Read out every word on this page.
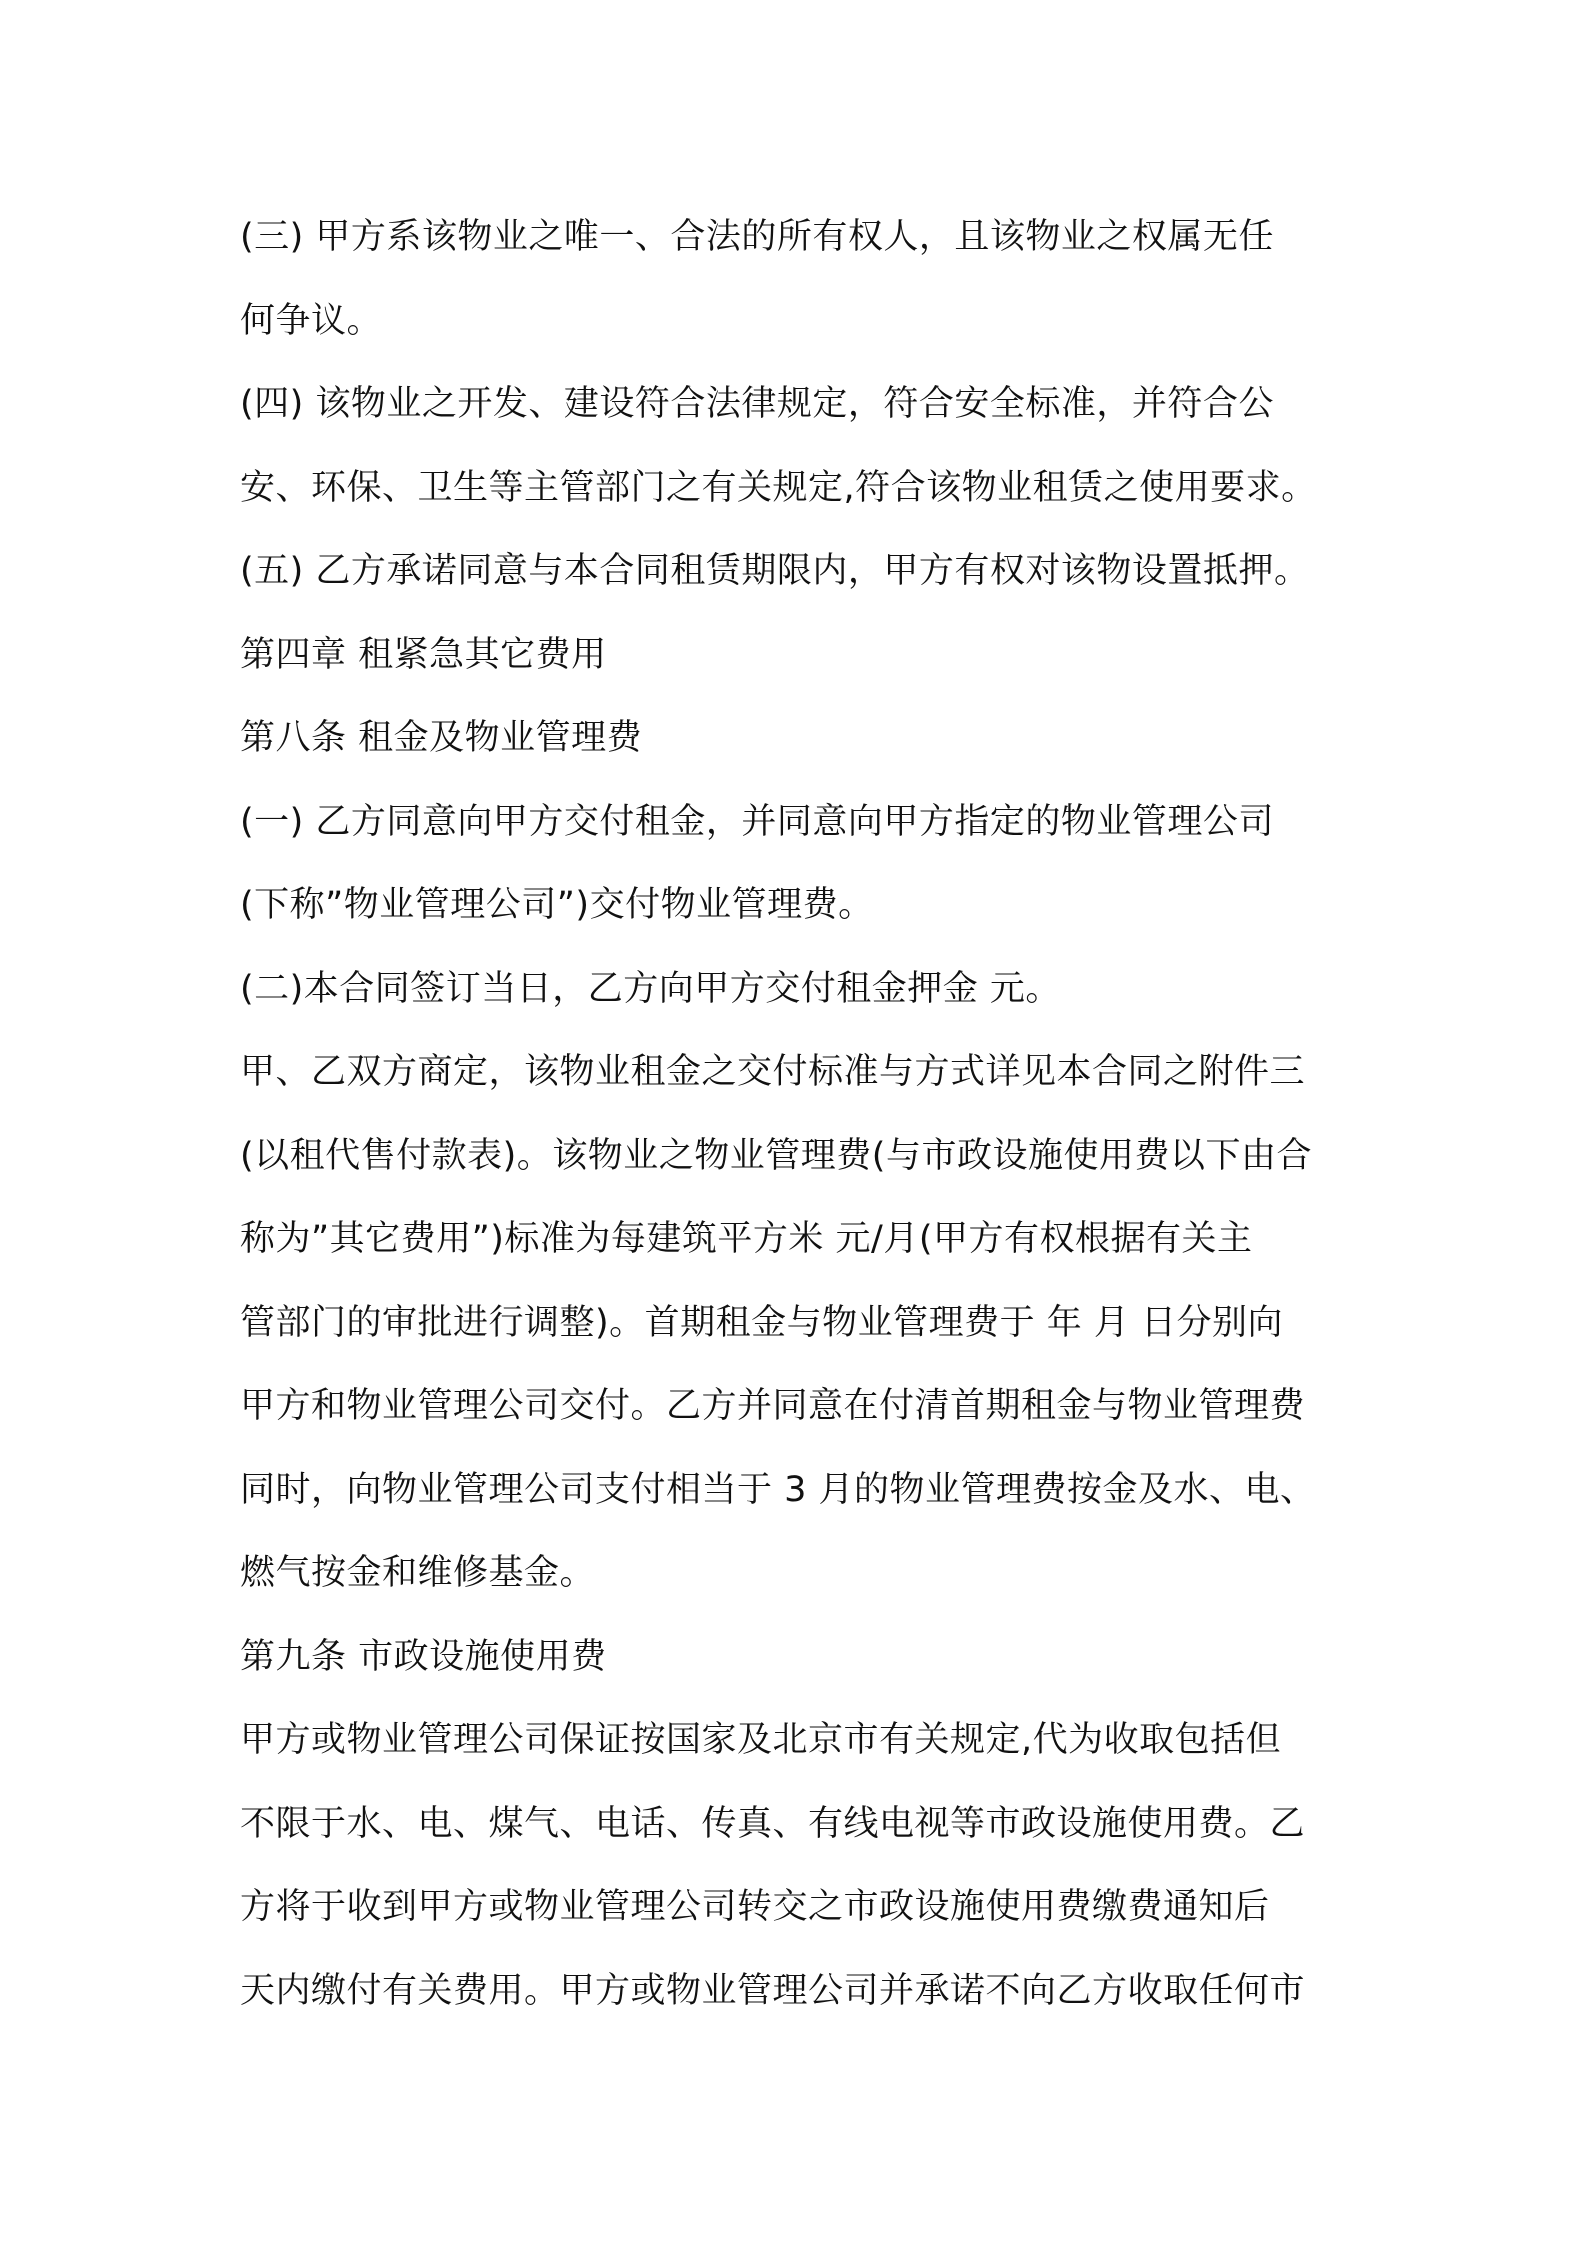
(三) 甲方系该物业之唯一、合法的所有权人，且该物业之权属无任
何争议。
(四) 该物业之开发、建设符合法律规定，符合安全标准，并符合公
安、环保、卫生等主管部门之有关规定,符合该物业租赁之使用要求。
(五) 乙方承诺同意与本合同租赁期限内，甲方有权对该物设置抵押。
第四章 租紧急其它费用
第八条 租金及物业管理费
(一) 乙方同意向甲方交付租金，并同意向甲方指定的物业管理公司
(下称”物业管理公司”)交付物业管理费。
(二)本合同签订当日，乙方向甲方交付租金押金 元。
甲、乙双方商定，该物业租金之交付标准与方式详见本合同之附件三
(以租代售付款表)。该物业之物业管理费(与市政设施使用费以下由合
称为”其它费用”)标准为每建筑平方米 元/月(甲方有权根据有关主
管部门的审批进行调整)。首期租金与物业管理费于 年 月 日分别向
甲方和物业管理公司交付。乙方并同意在付清首期租金与物业管理费
同时，向物业管理公司支付相当于 3 月的物业管理费按金及水、电、
燃气按金和维修基金。
第九条 市政设施使用费
甲方或物业管理公司保证按国家及北京市有关规定,代为收取包括但
不限于水、电、煤气、电话、传真、有线电视等市政设施使用费。乙
方将于收到甲方或物业管理公司转交之市政设施使用费缴费通知后
天内缴付有关费用。甲方或物业管理公司并承诺不向乙方收取任何市
